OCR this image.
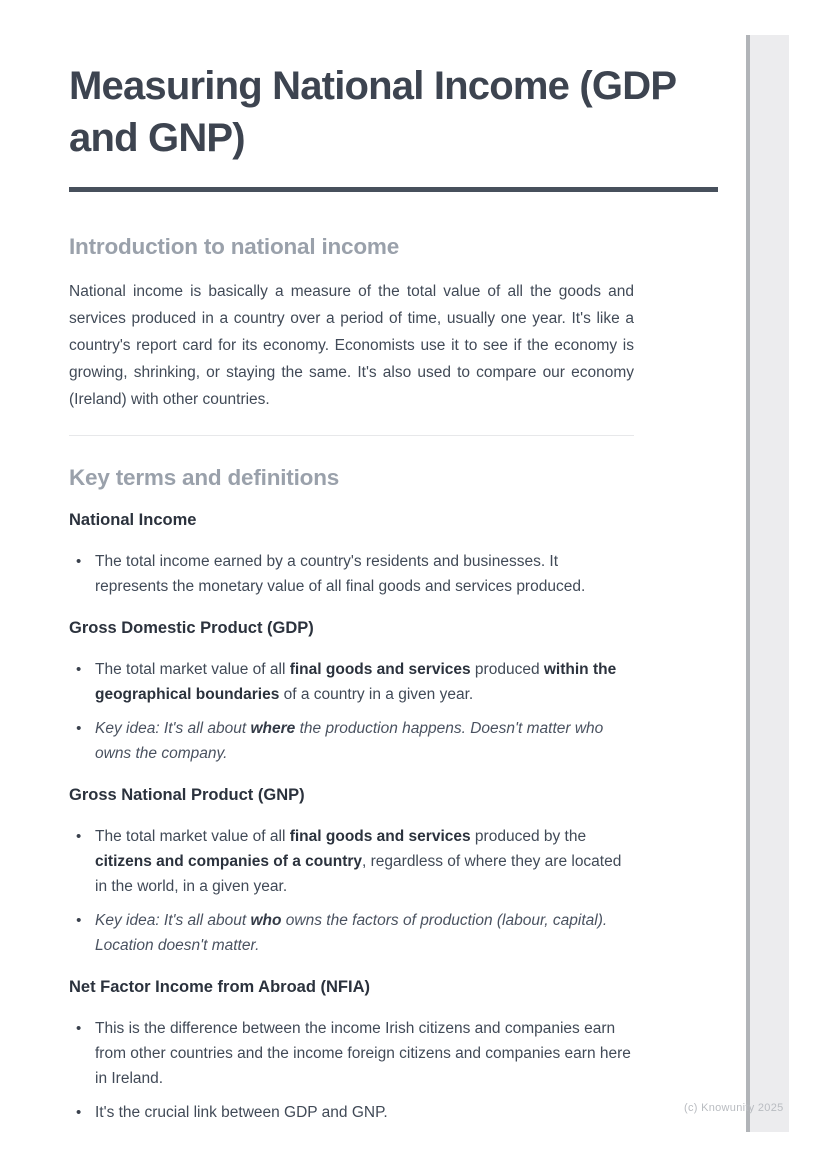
Measuring National Income (GDP and GNP)
Introduction to national income

National income is basically a measure of the total value of all the goods and services produced in a country over a period of time, usually one year. It's like a country's report card for its economy. Economists use it to see if the economy is growing, shrinking, or staying the same. It's also used to compare our economy (Ireland) with other countries.

Key terms and definitions
National Income
• The total income earned by a country's residents and businesses. It represents the monetary value of all final goods and services produced.
Gross Domestic Product (GDP)
• The total market value of all final goods and services produced within the geographical boundaries of a country in a given year.
• Key idea: It's all about where the production happens. Doesn't matter who owns the company.
Gross National Product (GNP)
• The total market value of all final goods and services produced by the citizens and companies of a country, regardless of where they are located in the world, in a given year.
• Key idea: It's all about who owns the factors of production (labour, capital). Location doesn't matter.
Net Factor Income from Abroad (NFIA)
• This is the difference between the income Irish citizens and companies earn from other countries and the income foreign citizens and companies earn here in Ireland.
• It's the crucial link between GDP and GNP.	(c) Knowunity 2025
